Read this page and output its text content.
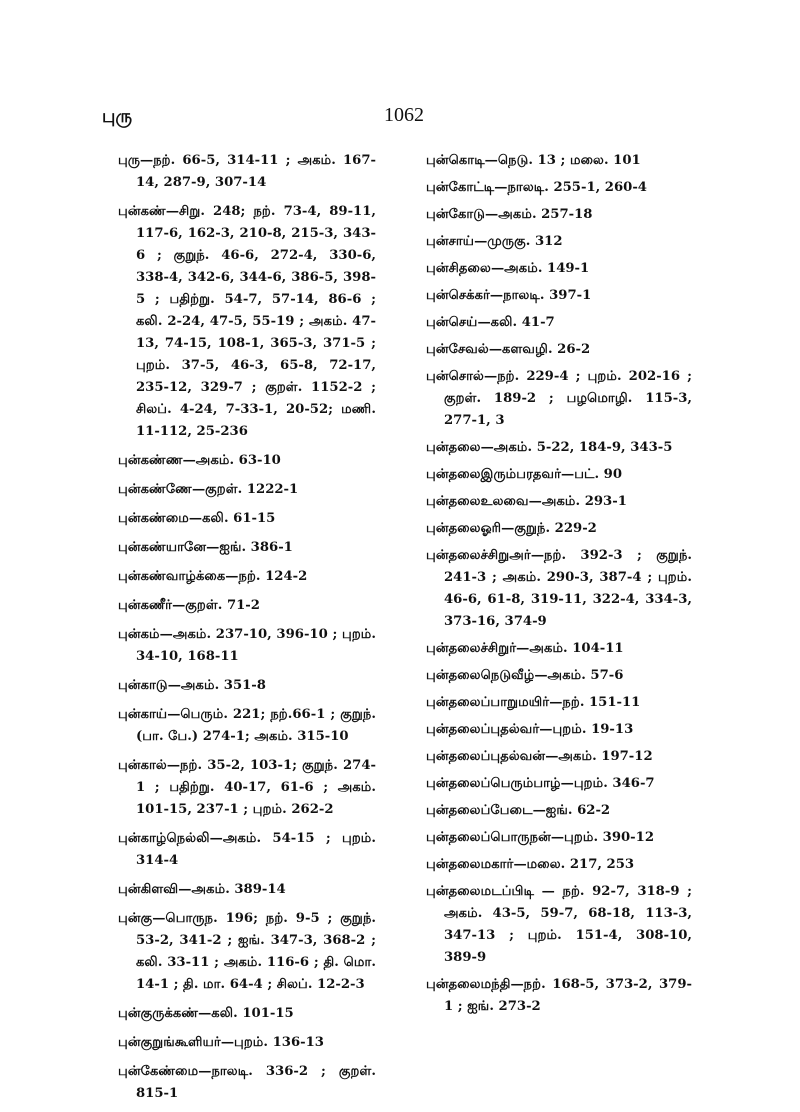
புரு	1062
புரு—நற். 66-5, 314-11 ; அகம். 167-14, 287-9, 307-14
புன்கண்—சிறு. 248; நற். 73-4, 89-11, 117-6, 162-3, 210-8, 215-3, 343-6 ; குறுந். 46-6, 272-4, 330-6, 338-4, 342-6, 344-6, 386-5, 398-5 ; பதிற்று. 54-7, 57-14, 86-6 ; கலி. 2-24, 47-5, 55-19 ; அகம். 47-13, 74-15, 108-1, 365-3, 371-5 ; புறம். 37-5, 46-3, 65-8, 72-17, 235-12, 329-7 ; குறள். 1152-2 ; சிலப். 4-24, 7-33-1, 20-52; மணி. 11-112, 25-236
புன்கண்ண—அகம். 63-10
புன்கண்ணே—குறள். 1222-1
புன்கண்மை—கலி. 61-15
புன்கண்யானே—ஐங். 386-1
புன்கண்வாழ்க்கை—நற். 124-2
புன்கணீர்—குறள். 71-2
புன்கம்—அகம். 237-10, 396-10 ; புறம். 34-10, 168-11
புன்காடு—அகம். 351-8
புன்காய்—பெரும். 221; நற்.66-1 ; குறுந். (பா. பே.) 274-1; அகம். 315-10
புன்கால்—நற். 35-2, 103-1; குறுந். 274-1 ; பதிற்று. 40-17, 61-6 ; அகம். 101-15, 237-1 ; புறம். 262-2
புன்காழ்நெல்லி—அகம். 54-15 ; புறம். 314-4
புன்கிளவி—அகம். 389-14
புன்கு—பொருந. 196; நற். 9-5 ; குறுந். 53-2, 341-2 ; ஐங். 347-3, 368-2 ; கலி. 33-11 ; அகம். 116-6 ; தி. மொ. 14-1 ; தி. மா. 64-4 ; சிலப். 12-2-3
புன்குருக்கண்—கலி. 101-15
புன்குறுங்கூளியர்—புறம். 136-13
புன்கேண்மை—நாலடி. 336-2 ; குறள். 815-1
புன்கொடி—நெடு. 13 ; மலை. 101
புன்கோட்டி—நாலடி. 255-1, 260-4
புன்கோடு—அகம். 257-18
புன்சாய்—முருகு. 312
புன்சிதலை—அகம். 149-1
புன்செக்கர்—நாலடி. 397-1
புன்செய்—கலி. 41-7
புன்சேவல்—களவழி. 26-2
புன்சொல்—நற். 229-4 ; புறம். 202-16 ; குறள். 189-2 ; பழமொழி. 115-3, 277-1, 3
புன்தலை—அகம். 5-22, 184-9, 343-5
புன்தலைஇரும்பரதவர்—பட். 90
புன்தலைஉலவை—அகம். 293-1
புன்தலைஓரி—குறுந். 229-2
புன்தலைச்சிறுஅர்—நற். 392-3 ; குறுந். 241-3 ; அகம். 290-3, 387-4 ; புறம். 46-6, 61-8, 319-11, 322-4, 334-3, 373-16, 374-9
புன்தலைச்சிறுர்—அகம். 104-11
புன்தலைநெடுவீழ்—அகம். 57-6
புன்தலைப்பாறுமயிர்—நற். 151-11
புன்தலைப்புதல்வர்—புறம். 19-13
புன்தலைப்புதல்வன்—அகம். 197-12
புன்தலைப்பெரும்பாழ்—புறம். 346-7
புன்தலைப்பேடை—ஐங். 62-2
புன்தலைப்பொருநன்—புறம். 390-12
புன்தலைமகார்—மலை. 217, 253
புன்தலைமடப்பிடி — நற். 92-7, 318-9 ; அகம். 43-5, 59-7, 68-18, 113-3, 347-13 ; புறம். 151-4, 308-10, 389-9
புன்தலைமந்தி—நற். 168-5, 373-2, 379-1 ; ஐங். 273-2
